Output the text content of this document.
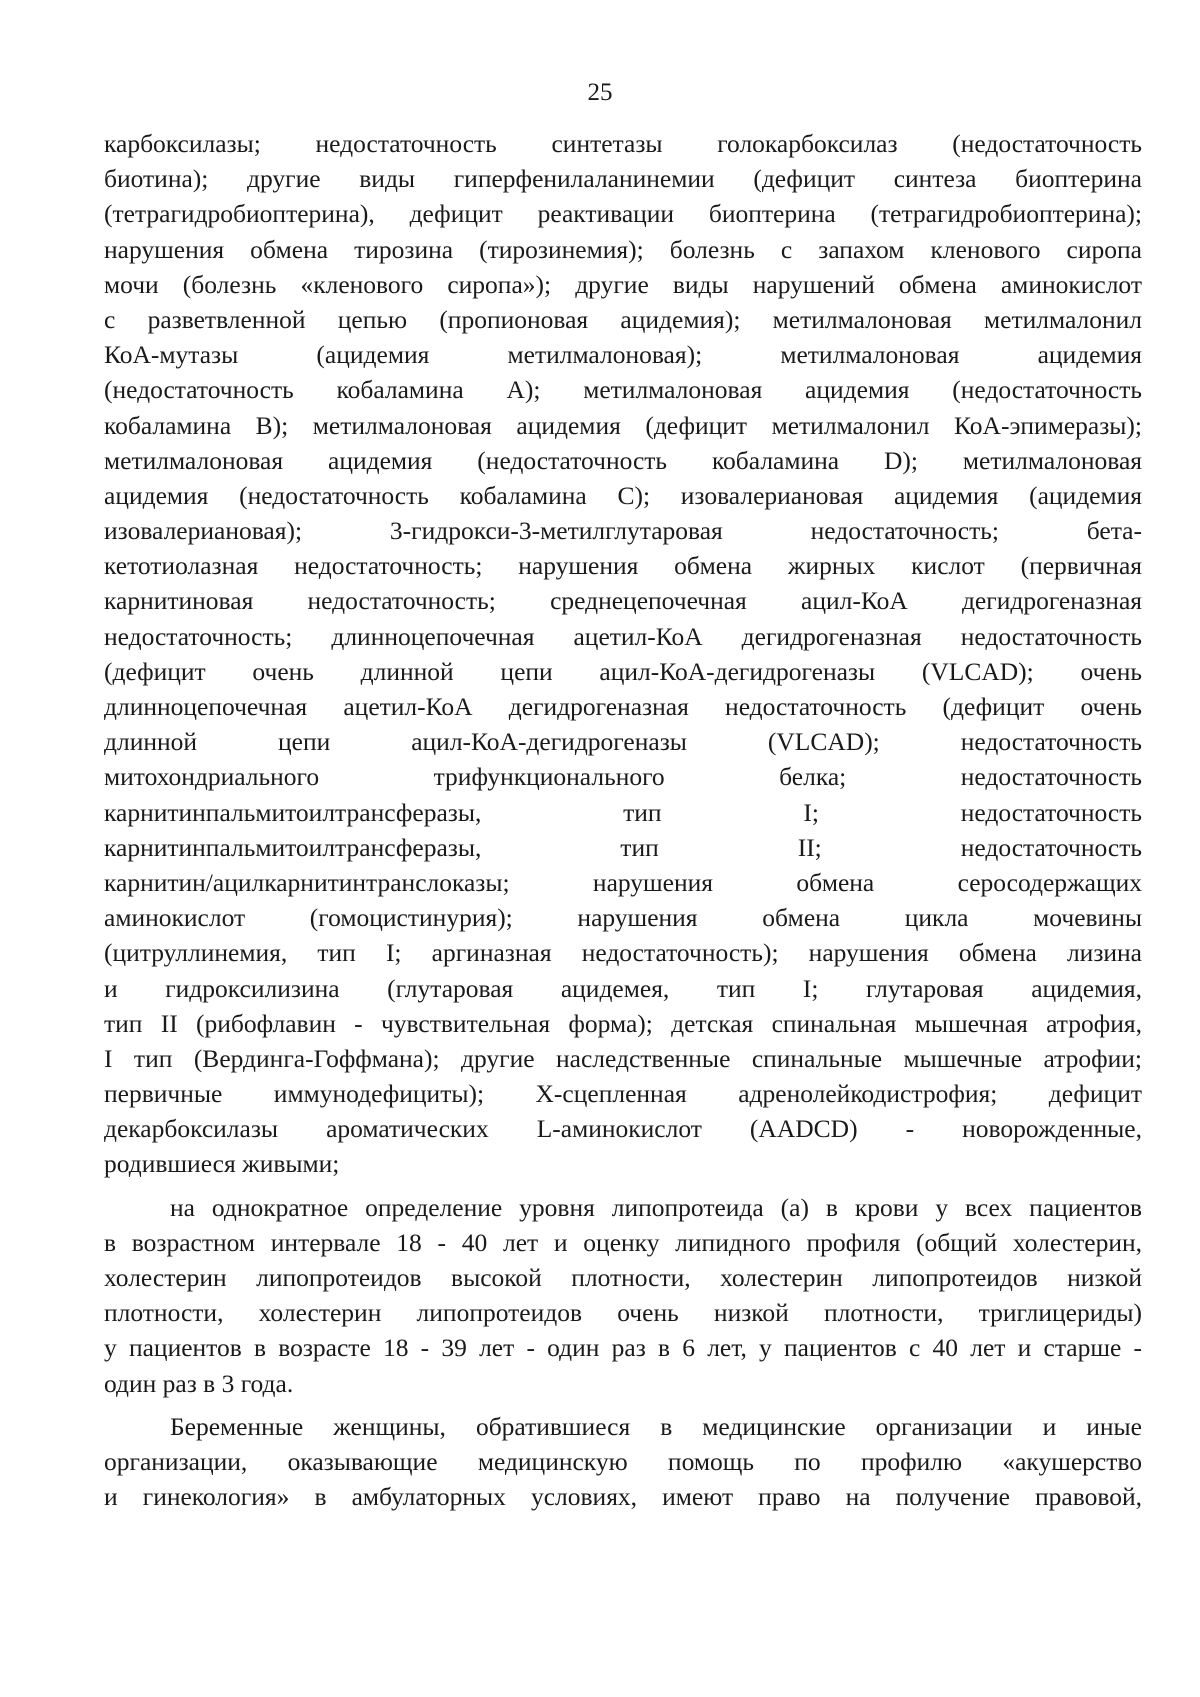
25
карбоксилазы; недостаточность синтетазы голокарбоксилаз (недостаточность
биотина); другие виды гиперфенилаланинемии (дефицит синтеза биоптерина
(тетрагидробиоптерина), дефицит реактивации биоптерина (тетрагидробиоптерина);
нарушения обмена тирозина (тирозинемия); болезнь с запахом кленового сиропа
мочи (болезнь «кленового сиропа»); другие виды нарушений обмена аминокислот
с разветвленной цепью (пропионовая ацидемия); метилмалоновая метилмалонил
КоА-мутазы (ацидемия метилмалоновая); метилмалоновая ацидемия
(недостаточность кобаламина А); метилмалоновая ацидемия (недостаточность
кобаламина В); метилмалоновая ацидемия (дефицит метилмалонил КоА-эпимеразы);
метилмалоновая ацидемия (недостаточность кобаламина D); метилмалоновая
ацидемия (недостаточность кобаламина С); изовалериановая ацидемия (ацидемия
изовалериановая); 3-гидрокси-3-метилглутаровая недостаточность; бета-
кетотиолазная недостаточность; нарушения обмена жирных кислот (первичная
карнитиновая недостаточность; среднецепочечная ацил-КоА дегидрогеназная
недостаточность; длинноцепочечная ацетил-КоА дегидрогеназная недостаточность
(дефицит очень длинной цепи ацил-КоА-дегидрогеназы (VLCAD); очень
длинноцепочечная ацетил-КоА дегидрогеназная недостаточность (дефицит очень
длинной цепи ацил-КоА-дегидрогеназы (VLCAD); недостаточность
митохондриального трифункционального белка; недостаточность
карнитинпальмитоилтрансферазы, тип I; недостаточность
карнитинпальмитоилтрансферазы, тип II; недостаточность
карнитин/ацилкарнитинтранслоказы; нарушения обмена серосодержащих
аминокислот (гомоцистинурия); нарушения обмена цикла мочевины
(цитруллинемия, тип I; аргиназная недостаточность); нарушения обмена лизина
и гидроксилизина (глутаровая ацидемея, тип I; глутаровая ацидемия,
тип II (рибофлавин - чувствительная форма); детская спинальная мышечная атрофия,
I тип (Вердинга-Гоффмана); другие наследственные спинальные мышечные атрофии;
первичные иммунодефициты); Х-сцепленная адренолейкодистрофия; дефицит
декарбоксилазы ароматических L-аминокислот (AADCD) - новорожденные,
родившиеся живыми;
на однократное определение уровня липопротеида (а) в крови у всех пациентов
в возрастном интервале 18 - 40 лет и оценку липидного профиля (общий холестерин,
холестерин липопротеидов высокой плотности, холестерин липопротеидов низкой
плотности, холестерин липопротеидов очень низкой плотности, триглицериды)
у пациентов в возрасте 18 - 39 лет - один раз в 6 лет, у пациентов с 40 лет и старше -
один раз в 3 года.
Беременные женщины, обратившиеся в медицинские организации и иные
организации, оказывающие медицинскую помощь по профилю «акушерство
и гинекология» в амбулаторных условиях, имеют право на получение правовой,
